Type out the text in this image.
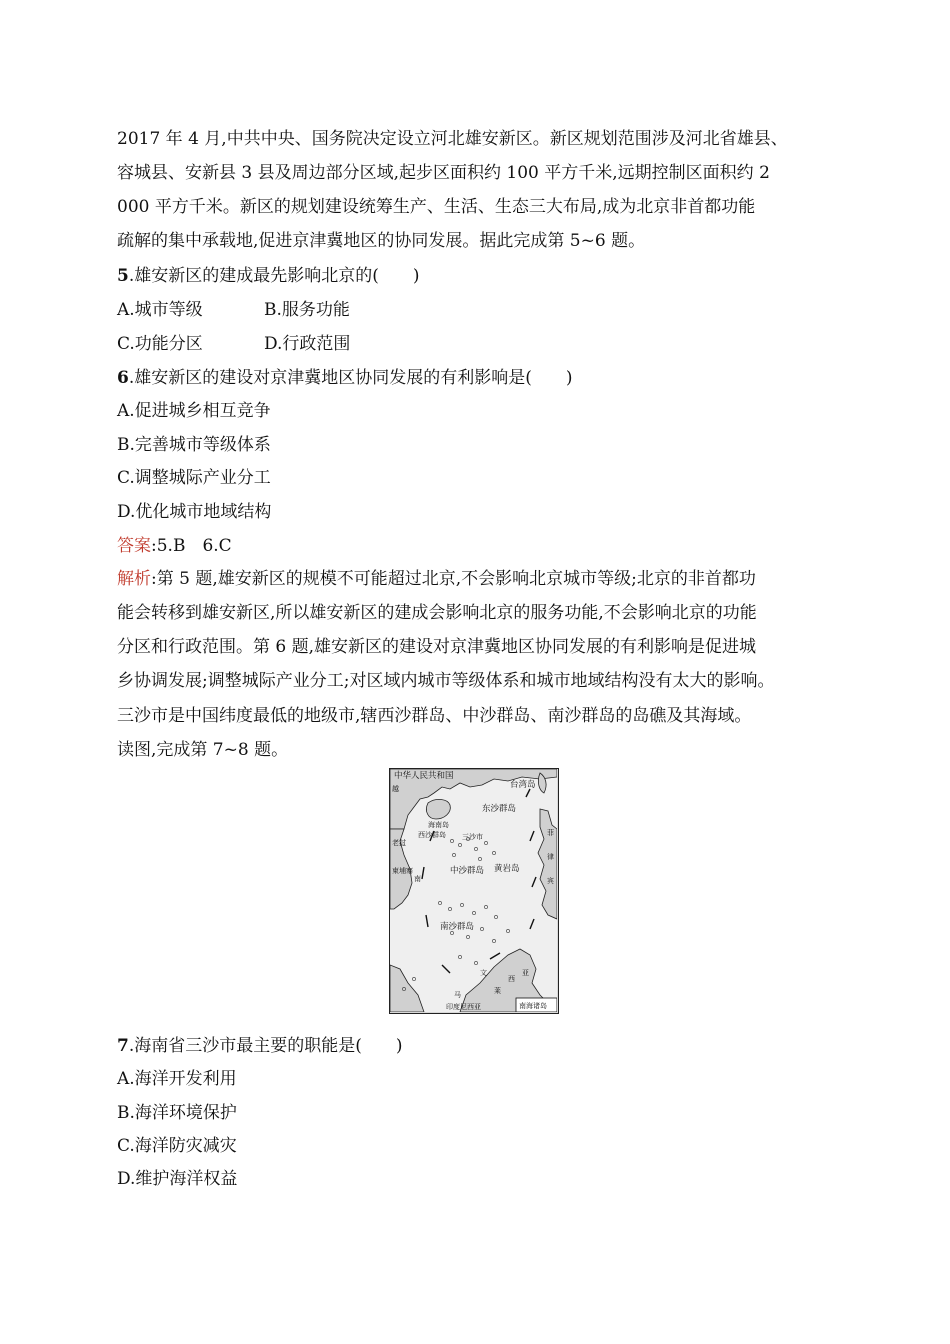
2017 年 4 月,中共中央、国务院决定设立河北雄安新区。新区规划范围涉及河北省雄县、
容城县、安新县 3 县及周边部分区域,起步区面积约 100 平方千米,远期控制区面积约 2
000 平方千米。新区的规划建设统筹生产、生活、生态三大布局,成为北京非首都功能
疏解的集中承载地,促进京津冀地区的协同发展。据此完成第 5~6 题。
5.雄安新区的建成最先影响北京的(　　)
A.城市等级	B.服务功能
C.功能分区	D.行政范围
6.雄安新区的建设对京津冀地区协同发展的有利影响是(　　)
A.促进城乡相互竞争
B.完善城市等级体系
C.调整城际产业分工
D.优化城市地域结构
答案:5.B　6.C
解析:第 5 题,雄安新区的规模不可能超过北京,不会影响北京城市等级;北京的非首都功
能会转移到雄安新区,所以雄安新区的建成会影响北京的服务功能,不会影响北京的功能
分区和行政范围。第 6 题,雄安新区的建设对京津冀地区协同发展的有利影响是促进城
乡协调发展;调整城际产业分工;对区域内城市等级体系和城市地域结构没有太大的影响。
三沙市是中国纬度最低的地级市,辖西沙群岛、中沙群岛、南沙群岛的岛礁及其海域。
读图,完成第 7~8 题。
中华人民共和国
台湾岛
东沙群岛
海南岛
西沙群岛 三沙市
中沙群岛 黄岩岛
南沙群岛
越
老挝
柬埔寨
南
菲
律
宾
马
西
亚
文
莱
印度尼西亚	南海诸岛
7.海南省三沙市最主要的职能是(　　)
A.海洋开发利用
B.海洋环境保护
C.海洋防灾减灾
D.维护海洋权益
